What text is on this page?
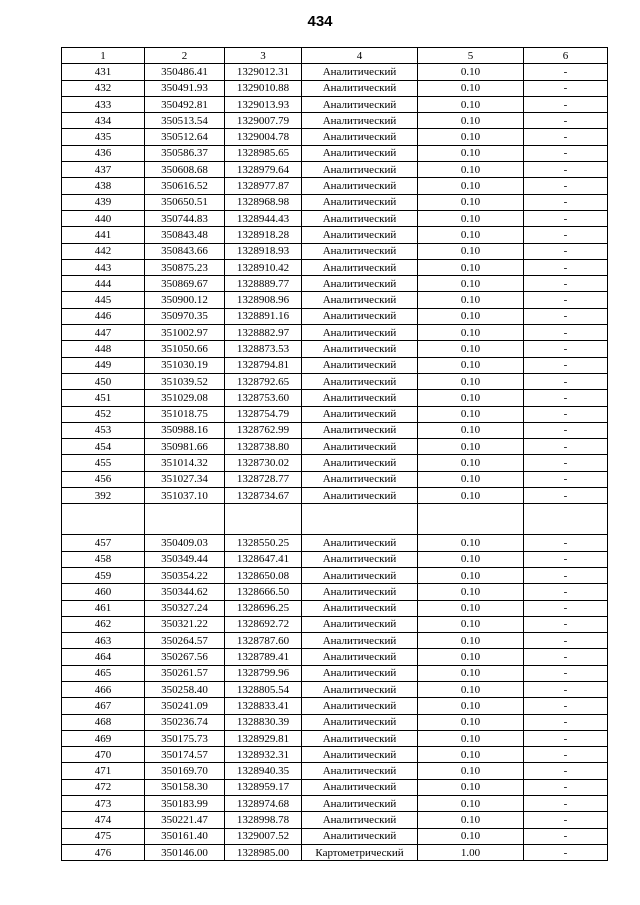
434
1	2	3	4	5	6
431	350486.41	1329012.31	Аналитический	0.10	-
432	350491.93	1329010.88	Аналитический	0.10	-
433	350492.81	1329013.93	Аналитический	0.10	-
434	350513.54	1329007.79	Аналитический	0.10	-
435	350512.64	1329004.78	Аналитический	0.10	-
436	350586.37	1328985.65	Аналитический	0.10	-
437	350608.68	1328979.64	Аналитический	0.10	-
438	350616.52	1328977.87	Аналитический	0.10	-
439	350650.51	1328968.98	Аналитический	0.10	-
440	350744.83	1328944.43	Аналитический	0.10	-
441	350843.48	1328918.28	Аналитический	0.10	-
442	350843.66	1328918.93	Аналитический	0.10	-
443	350875.23	1328910.42	Аналитический	0.10	-
444	350869.67	1328889.77	Аналитический	0.10	-
445	350900.12	1328908.96	Аналитический	0.10	-
446	350970.35	1328891.16	Аналитический	0.10	-
447	351002.97	1328882.97	Аналитический	0.10	-
448	351050.66	1328873.53	Аналитический	0.10	-
449	351030.19	1328794.81	Аналитический	0.10	-
450	351039.52	1328792.65	Аналитический	0.10	-
451	351029.08	1328753.60	Аналитический	0.10	-
452	351018.75	1328754.79	Аналитический	0.10	-
453	350988.16	1328762.99	Аналитический	0.10	-
454	350981.66	1328738.80	Аналитический	0.10	-
455	351014.32	1328730.02	Аналитический	0.10	-
456	351027.34	1328728.77	Аналитический	0.10	-
392	351037.10	1328734.67	Аналитический	0.10	-

457	350409.03	1328550.25	Аналитический	0.10	-
458	350349.44	1328647.41	Аналитический	0.10	-
459	350354.22	1328650.08	Аналитический	0.10	-
460	350344.62	1328666.50	Аналитический	0.10	-
461	350327.24	1328696.25	Аналитический	0.10	-
462	350321.22	1328692.72	Аналитический	0.10	-
463	350264.57	1328787.60	Аналитический	0.10	-
464	350267.56	1328789.41	Аналитический	0.10	-
465	350261.57	1328799.96	Аналитический	0.10	-
466	350258.40	1328805.54	Аналитический	0.10	-
467	350241.09	1328833.41	Аналитический	0.10	-
468	350236.74	1328830.39	Аналитический	0.10	-
469	350175.73	1328929.81	Аналитический	0.10	-
470	350174.57	1328932.31	Аналитический	0.10	-
471	350169.70	1328940.35	Аналитический	0.10	-
472	350158.30	1328959.17	Аналитический	0.10	-
473	350183.99	1328974.68	Аналитический	0.10	-
474	350221.47	1328998.78	Аналитический	0.10	-
475	350161.40	1329007.52	Аналитический	0.10	-
476	350146.00	1328985.00	Картометрический	1.00	-
